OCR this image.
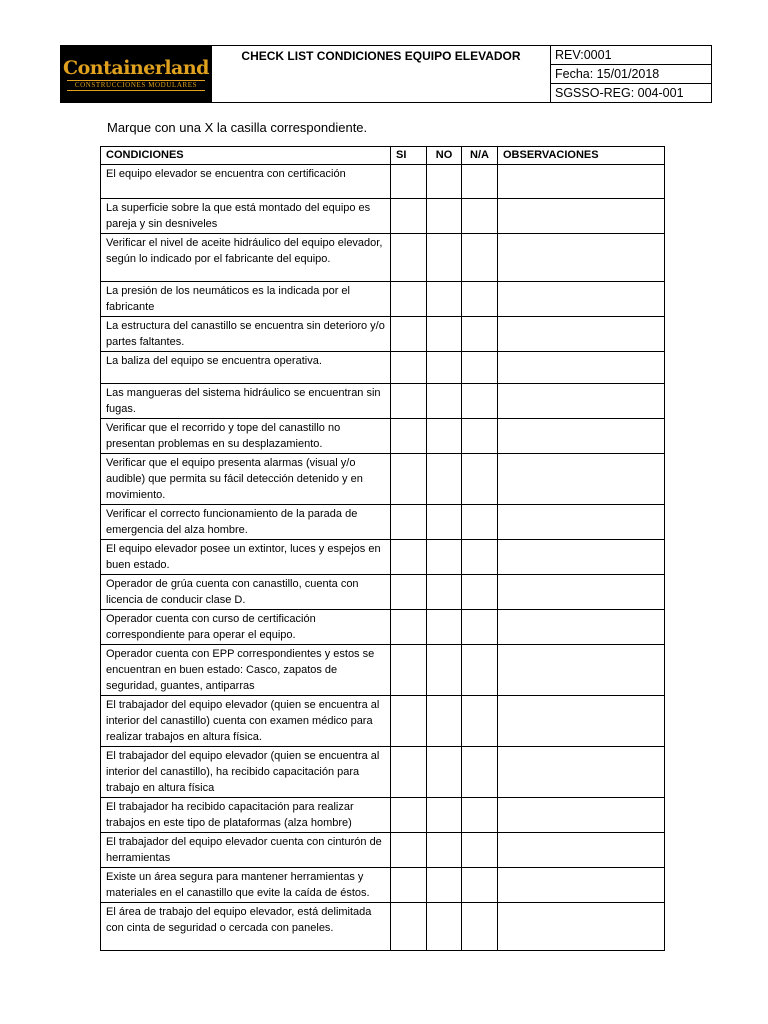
Containerland
CONSTRUCCIONES MODULARES
	CHECK LIST CONDICIONES EQUIPO ELEVADOR	REV:0001
Fecha: 15/01/2018
SGSSO-REG: 004-001
Marque con una X la casilla correspondiente.
CONDICIONES	SI	NO	N/A	OBSERVACIONES
El equipo elevador se encuentra con certificación				
La superficie sobre la que está montado del equipo es pareja y sin desniveles				
Verificar el nivel de aceite hidráulico del equipo elevador, según lo indicado por el fabricante del equipo.				
La presión de los neumáticos es la indicada por el fabricante				
La estructura del canastillo se encuentra sin deterioro y/o partes faltantes.				
La baliza del equipo se encuentra operativa.				
Las mangueras del sistema hidráulico se encuentran sin fugas.				
Verificar que el recorrido y tope del canastillo no presentan problemas en su desplazamiento.				
Verificar que el equipo presenta alarmas (visual y/o audible) que permita su fácil detección detenido y en movimiento.				
Verificar el correcto funcionamiento de la parada de emergencia del alza hombre.				
El equipo elevador posee un extintor, luces y espejos en buen estado.				
Operador de grúa cuenta con canastillo, cuenta con licencia de conducir clase D.				
Operador cuenta con curso de certificación correspondiente para operar el equipo.				
Operador cuenta con EPP correspondientes y estos se encuentran en buen estado: Casco, zapatos de seguridad, guantes, antiparras				
El trabajador del equipo elevador (quien se encuentra al interior del canastillo) cuenta con examen médico para realizar trabajos en altura física.				
El trabajador del equipo elevador (quien se encuentra al interior del canastillo), ha recibido capacitación para trabajo en altura física				
El trabajador ha recibido capacitación para realizar trabajos en este tipo de plataformas (alza hombre)				
El trabajador del equipo elevador cuenta con cinturón de herramientas				
Existe un área segura para mantener herramientas y materiales en el canastillo que evite la caída de éstos.				
El área de trabajo del equipo elevador, está delimitada con cinta de seguridad o cercada con paneles.				
